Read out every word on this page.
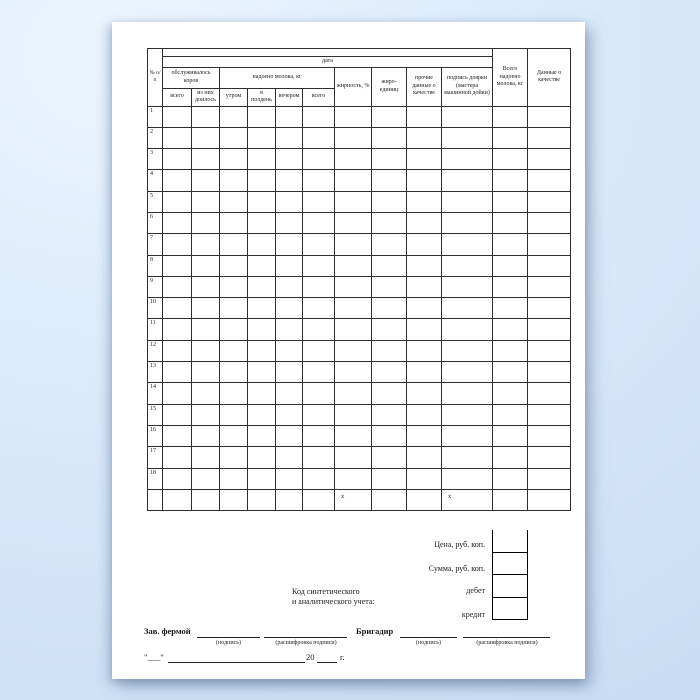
№ п/п											Всего надоено молока, кг	Данные о качестве
	дата											
	обслуживалось коров		надоено молока, кг				жирность, %	жиро-единиц	прочие данные о качестве	подпись доярки (мастера машинной дойки)		
	всего	из них доилось	утром	в полдень	вечером	всего						
1												
2												
3												
4												
5												
6												
7												
8												
9												
10												
11												
12												
13												
14												
15												
16												
17												
18												
							х			х		
Цена, руб. коп.
Сумма, руб. коп.
дебет
кредит
Код синтетического
и аналитического учета:
Зав. фермой	Бригадир
(подпись)	(расшифровка подписи)	(подпись)	(расшифровка подписи)
"___"	20	г.
